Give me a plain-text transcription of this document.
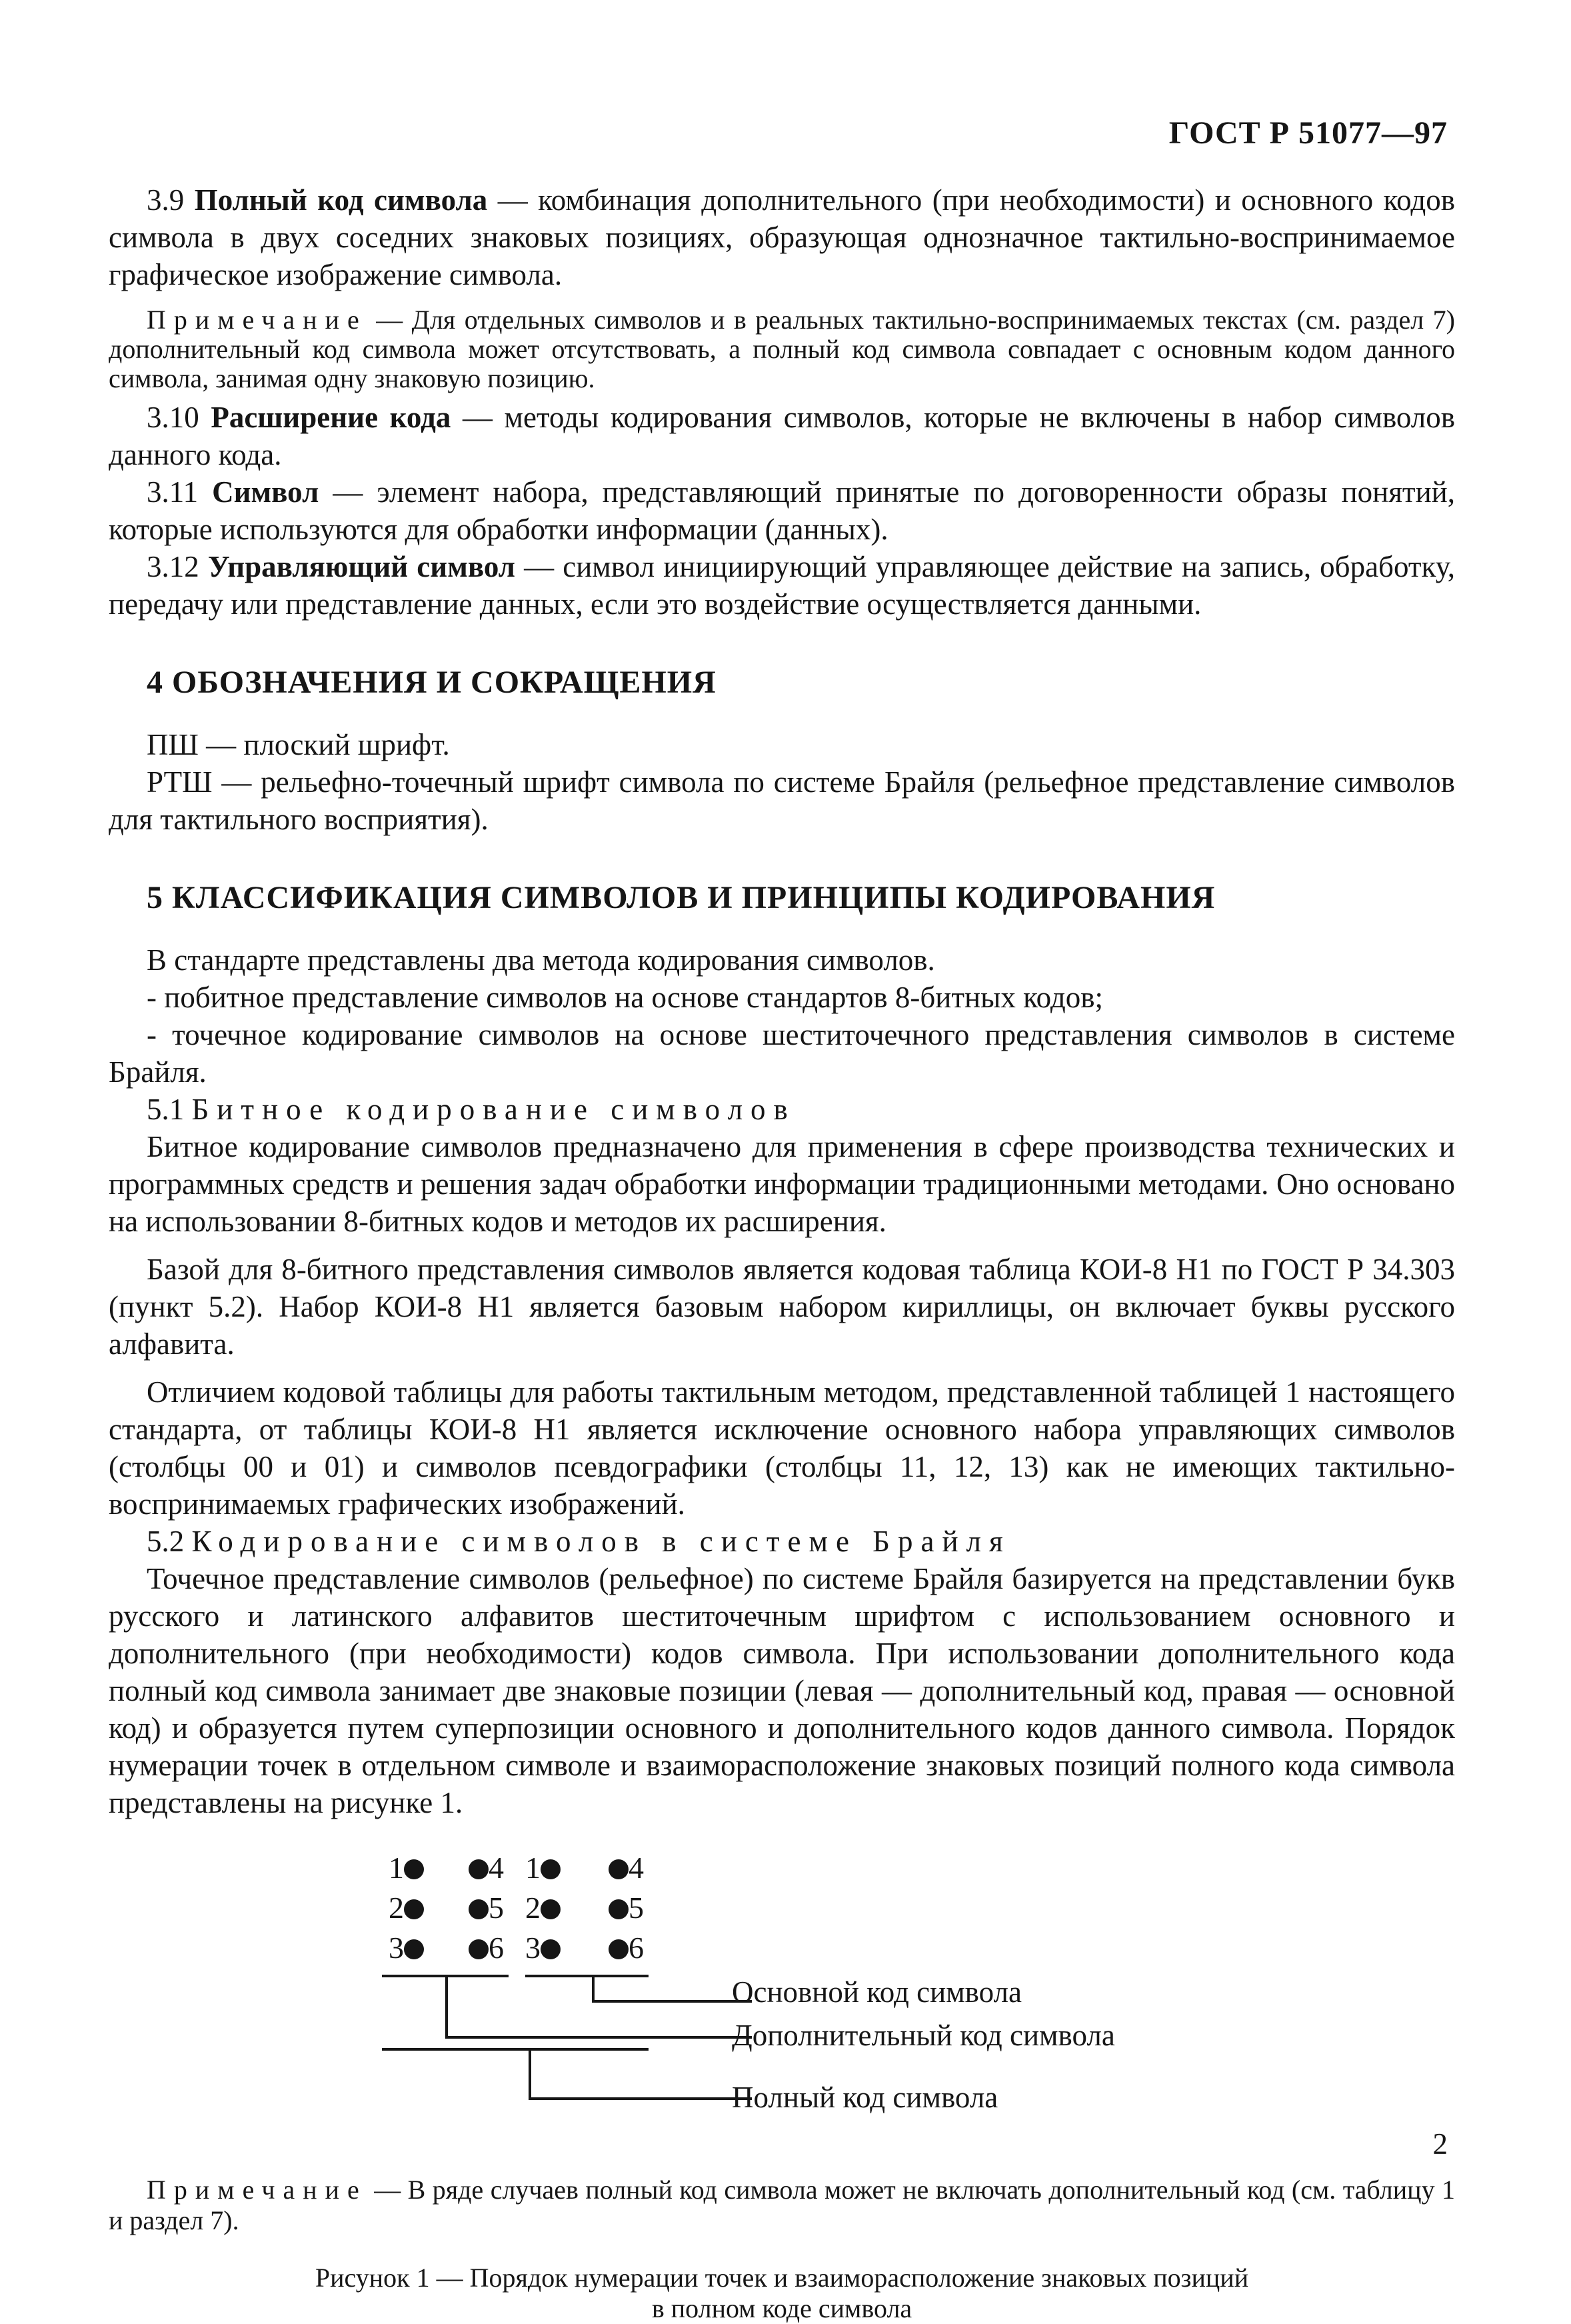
ГОСТ Р 51077—97

3.9 Полный код символа — комбинация дополнительного (при необходимости) и основного кодов символа в двух соседних знаковых позициях, образующая однозначное тактильно-воспринимаемое графическое изображение символа.

Примечание — Для отдельных символов и в реальных тактильно-воспринимаемых текстах (см. раздел 7) дополнительный код символа может отсутствовать, а полный код символа совпадает с основным кодом данного символа, занимая одну знаковую позицию.

3.10 Расширение кода — методы кодирования символов, которые не включены в набор символов данного кода.

3.11 Символ — элемент набора, представляющий принятые по договоренности образы понятий, которые используются для обработки информации (данных).

3.12 Управляющий символ — символ инициирующий управляющее действие на запись, обработку, передачу или представление данных, если это воздействие осуществляется данными.

4 ОБОЗНАЧЕНИЯ И СОКРАЩЕНИЯ

ПШ — плоский шрифт.

РТШ — рельефно-точечный шрифт символа по системе Брайля (рельефное представление символов для тактильного восприятия).

5 КЛАССИФИКАЦИЯ СИМВОЛОВ И ПРИНЦИПЫ КОДИРОВАНИЯ

В стандарте представлены два метода кодирования символов.

- побитное представление символов на основе стандартов 8-битных кодов;

- точечное кодирование символов на основе шеститочечного представления символов в системе Брайля.

5.1 Битное кодирование символов

Битное кодирование символов предназначено для применения в сфере производства технических и программных средств и решения задач обработки информации традиционными методами. Оно основано на использовании 8-битных кодов и методов их расширения.

Базой для 8-битного представления символов является кодовая таблица КОИ-8 Н1 по ГОСТ Р 34.303 (пункт 5.2). Набор КОИ-8 Н1 является базовым набором кириллицы, он включает буквы русского алфавита.

Отличием кодовой таблицы для работы тактильным методом, представленной таблицей 1 настоящего стандарта, от таблицы КОИ-8 Н1 является исключение основного набора управляющих символов (столбцы 00 и 01) и символов псевдографики (столбцы 11, 12, 13) как не имеющих тактильно-воспринимаемых графических изображений.

5.2 Кодирование символов в системе Брайля

Точечное представление символов (рельефное) по системе Брайля базируется на представлении букв русского и латинского алфавитов шеститочечным шрифтом с использованием основного и дополнительного (при необходимости) кодов символа. При использовании дополнительного кода полный код символа занимает две знаковые позиции (левая — дополнительный код, правая — основной код) и образуется путем суперпозиции основного и дополнительного кодов данного символа. Порядок нумерации точек в отдельном символе и взаиморасположение знаковых позиций полного кода символа представлены на рисунке 1.

1
2
3
4
5
6
1
2
3
4
5
6
Основной код символа
Дополнительный код символа
Полный код символа

Примечание — В ряде случаев полный код символа может не включать дополнительный код (см. таблицу 1 и раздел 7).

Рисунок 1 — Порядок нумерации точек и взаиморасположение знаковых позиций
в полном коде символа
2
